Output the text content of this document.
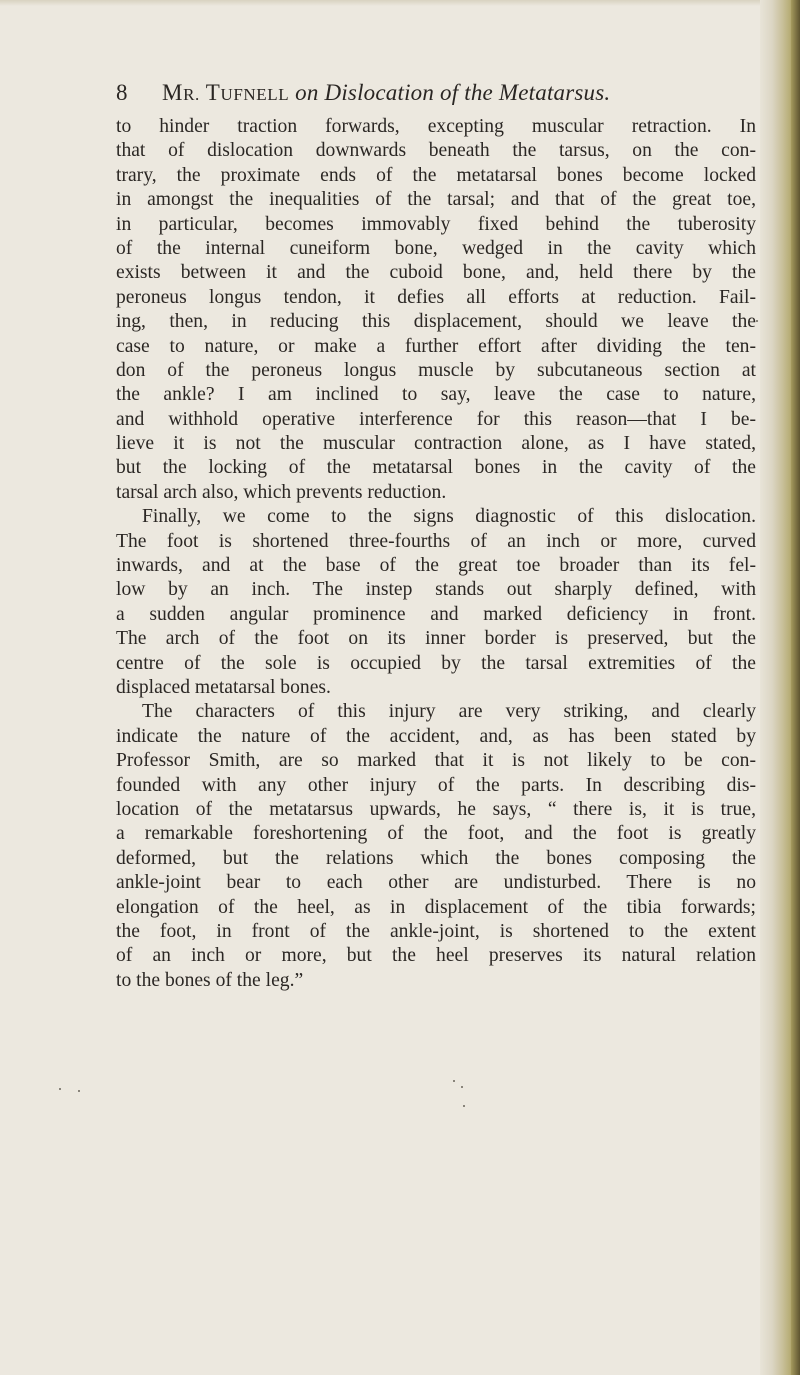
8 MR. TUFNELL on Dislocation of the Metatarsus.
to hinder traction forwards, excepting muscular retraction. In
that of dislocation downwards beneath the tarsus, on the con-
trary, the proximate ends of the metatarsal bones become locked
in amongst the inequalities of the tarsal; and that of the great toe,
in particular, becomes immovably fixed behind the tuberosity
of the internal cuneiform bone, wedged in the cavity which
exists between it and the cuboid bone, and, held there by the
peroneus longus tendon, it defies all efforts at reduction. Fail-
ing, then, in reducing this displacement, should we leave the
case to nature, or make a further effort after dividing the ten-
don of the peroneus longus muscle by subcutaneous section at
the ankle? I am inclined to say, leave the case to nature,
and withhold operative interference for this reason—that I be-
lieve it is not the muscular contraction alone, as I have stated,
but the locking of the metatarsal bones in the cavity of the
tarsal arch also, which prevents reduction.
Finally, we come to the signs diagnostic of this dislocation.
The foot is shortened three-fourths of an inch or more, curved
inwards, and at the base of the great toe broader than its fel-
low by an inch. The instep stands out sharply defined, with
a sudden angular prominence and marked deficiency in front.
The arch of the foot on its inner border is preserved, but the
centre of the sole is occupied by the tarsal extremities of the
displaced metatarsal bones.
The characters of this injury are very striking, and clearly
indicate the nature of the accident, and, as has been stated by
Professor Smith, are so marked that it is not likely to be con-
founded with any other injury of the parts. In describing dis-
location of the metatarsus upwards, he says, “ there is, it is true,
a remarkable foreshortening of the foot, and the foot is greatly
deformed, but the relations which the bones composing the
ankle-joint bear to each other are undisturbed. There is no
elongation of the heel, as in displacement of the tibia forwards;
the foot, in front of the ankle-joint, is shortened to the extent
of an inch or more, but the heel preserves its natural relation
to the bones of the leg.”
